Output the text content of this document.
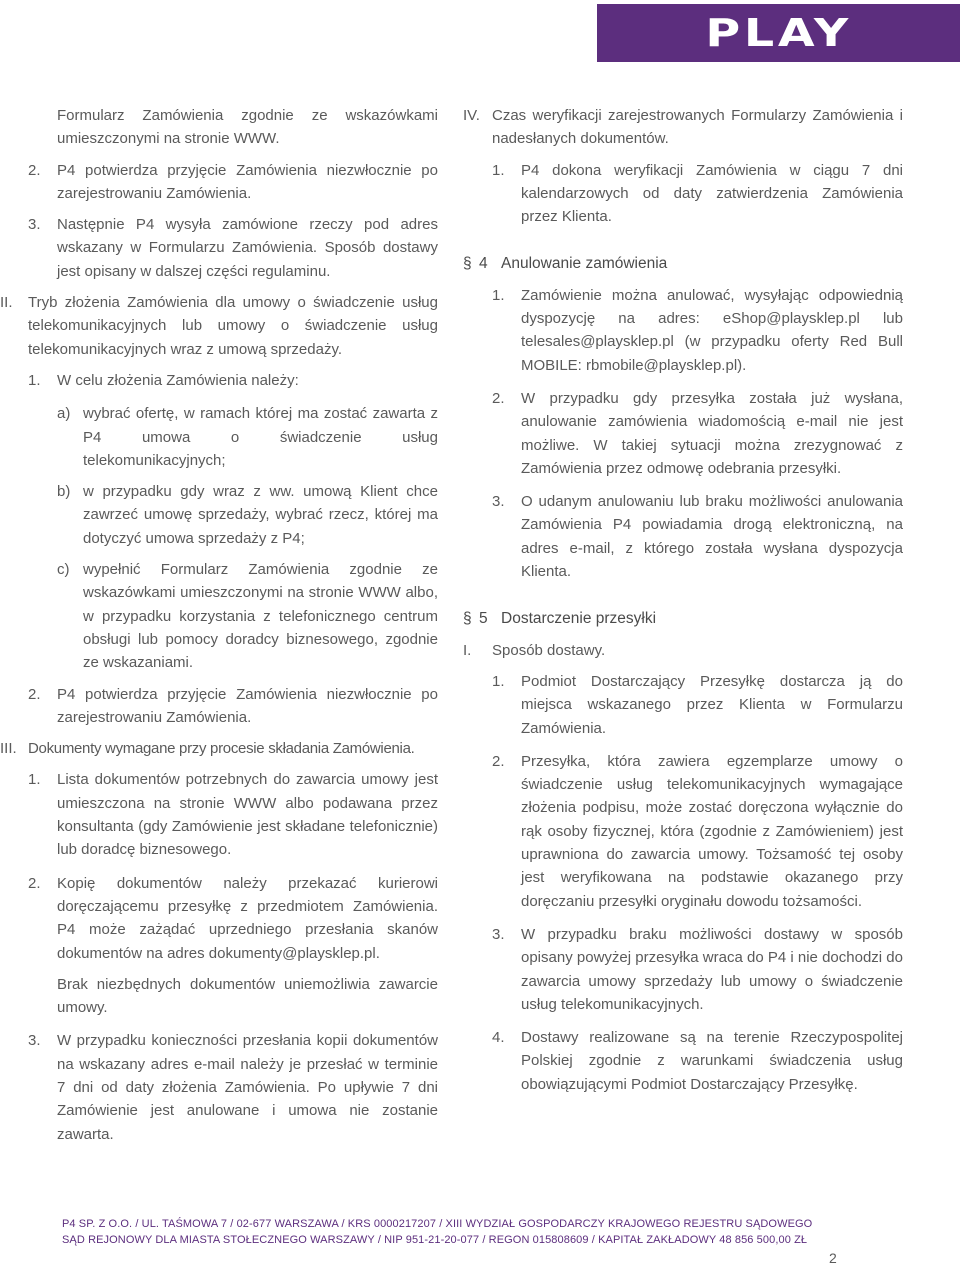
PLAY
Formularz Zamówienia zgodnie ze wskazówkami umieszczonymi na stronie WWW.
2.	P4 potwierdza przyjęcie Zamówienia niezwłocznie po zarejestrowaniu Zamówienia.
3.	Następnie P4 wysyła zamówione rzeczy pod adres wskazany w Formularzu Zamówienia. Sposób dostawy jest opisany w dalszej części regulaminu.
II.	Tryb złożenia Zamówienia dla umowy o świadczenie usług telekomunikacyjnych lub umowy o świadczenie usług telekomunikacyjnych wraz z umową sprzedaży.
1.	W celu złożenia Zamówienia należy:
a) wybrać ofertę, w ramach której ma zostać zawarta z P4 umowa o świadczenie usług telekomunikacyjnych;
b) w przypadku gdy wraz z ww. umową Klient chce zawrzeć umowę sprzedaży, wybrać rzecz, której ma dotyczyć umowa sprzedaży z P4;
c) wypełnić Formularz Zamówienia zgodnie ze wskazówkami umieszczonymi na stronie WWW albo, w przypadku korzystania z telefonicznego centrum obsługi lub pomocy doradcy biznesowego, zgodnie ze wskazaniami.
2.	P4 potwierdza przyjęcie Zamówienia niezwłocznie po zarejestrowaniu Zamówienia.
III. Dokumenty wymagane przy procesie składania Zamówienia.
1.	Lista dokumentów potrzebnych do zawarcia umowy jest umieszczona na stronie WWW albo podawana przez konsultanta (gdy Zamówienie jest składane telefonicznie) lub doradcę biznesowego.
2.	Kopię dokumentów należy przekazać kurierowi doręczającemu przesyłkę z przedmiotem Zamówienia. P4 może zażądać uprzedniego przesłania skanów dokumentów na adres dokumenty@playsklep.pl.
Brak niezbędnych dokumentów uniemożliwia zawarcie umowy.
3.	W przypadku konieczności przesłania kopii dokumentów na wskazany adres e-mail należy je przesłać w terminie 7 dni od daty złożenia Zamówienia. Po upływie 7 dni Zamówienie jest anulowane i umowa nie zostanie zawarta.
IV. Czas weryfikacji zarejestrowanych Formularzy Zamówienia i nadesłanych dokumentów.
1.	P4 dokona weryfikacji Zamówienia w ciągu 7 dni kalendarzowych od daty zatwierdzenia Zamówienia przez Klienta.
§ 4 Anulowanie zamówienia
1.	Zamówienie można anulować, wysyłając odpowiednią dyspozycję na adres: eShop@playsklep.pl lub telesales@playsklep.pl (w przypadku oferty Red Bull MOBILE: rbmobile@playsklep.pl).
2.	W przypadku gdy przesyłka została już wysłana, anulowanie zamówienia wiadomością e-mail nie jest możliwe. W takiej sytuacji można zrezygnować z Zamówienia przez odmowę odebrania przesyłki.
3.	O udanym anulowaniu lub braku możliwości anulowania Zamówienia P4 powiadamia drogą elektroniczną, na adres e-mail, z którego została wysłana dyspozycja Klienta.
§ 5 Dostarczenie przesyłki
I.	Sposób dostawy.
1.	Podmiot Dostarczający Przesyłkę dostarcza ją do miejsca wskazanego przez Klienta w Formularzu Zamówienia.
2.	Przesyłka, która zawiera egzemplarze umowy o świadczenie usług telekomunikacyjnych wymagające złożenia podpisu, może zostać doręczona wyłącznie do rąk osoby fizycznej, która (zgodnie z Zamówieniem) jest uprawniona do zawarcia umowy. Tożsamość tej osoby jest weryfikowana na podstawie okazanego przy doręczaniu przesyłki oryginału dowodu tożsamości.
3.	W przypadku braku możliwości dostawy w sposób opisany powyżej przesyłka wraca do P4 i nie dochodzi do zawarcia umowy sprzedaży lub umowy o świadczenie usług telekomunikacyjnych.
4.	Dostawy realizowane są na terenie Rzeczypospolitej Polskiej zgodnie z warunkami świadczenia usług obowiązującymi Podmiot Dostarczający Przesyłkę.
P4 SP. Z O.O. / UL. TAŚMOWA 7 / 02-677 WARSZAWA / KRS 0000217207 / XIII WYDZIAŁ GOSPODARCZY KRAJOWEGO REJESTRU SĄDOWEGO
SĄD REJONOWY DLA MIASTA STOŁECZNEGO WARSZAWY / NIP 951-21-20-077 / REGON 015808609 / KAPITAŁ ZAKŁADOWY 48 856 500,00 ZŁ
2
